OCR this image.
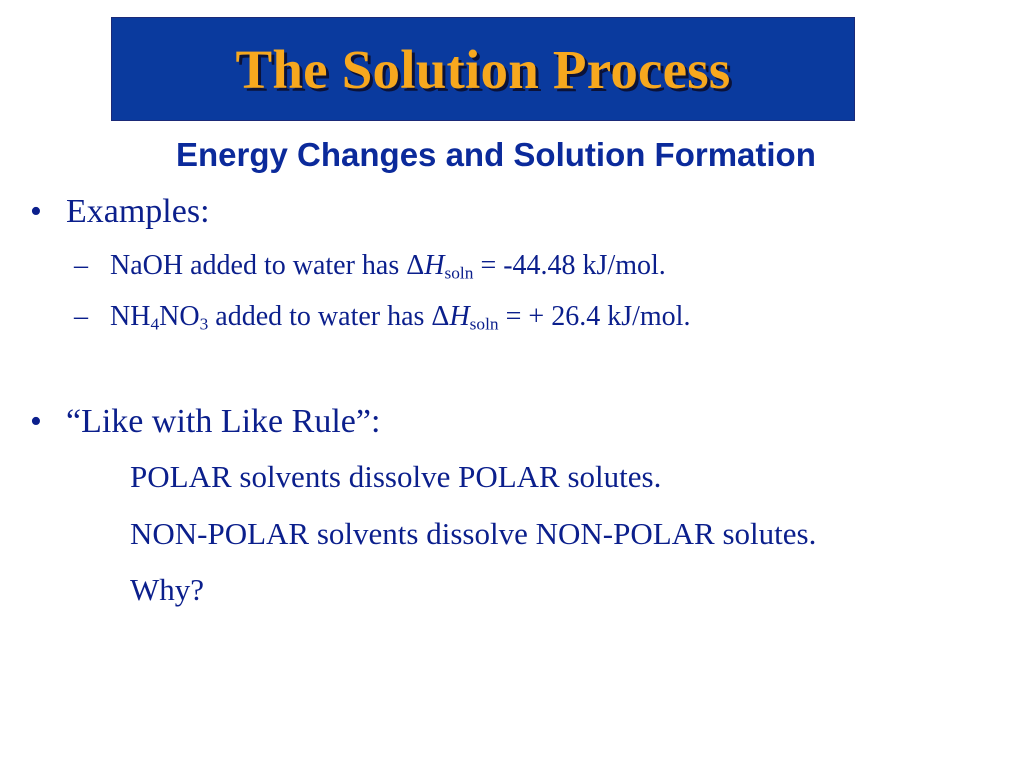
The Solution Process
Energy Changes and Solution Formation
• Examples:
– NaOH added to water has $\Delta H_{soln} = -44.48$ kJ/mol.
– $NH_4NO_3$ added to water has $\Delta H_{soln}$ = + 26.4 kJ/mol.
• “Like with Like Rule”:
POLAR solvents dissolve POLAR solutes.
NON-POLAR solvents dissolve NON-POLAR solutes.
Why?
